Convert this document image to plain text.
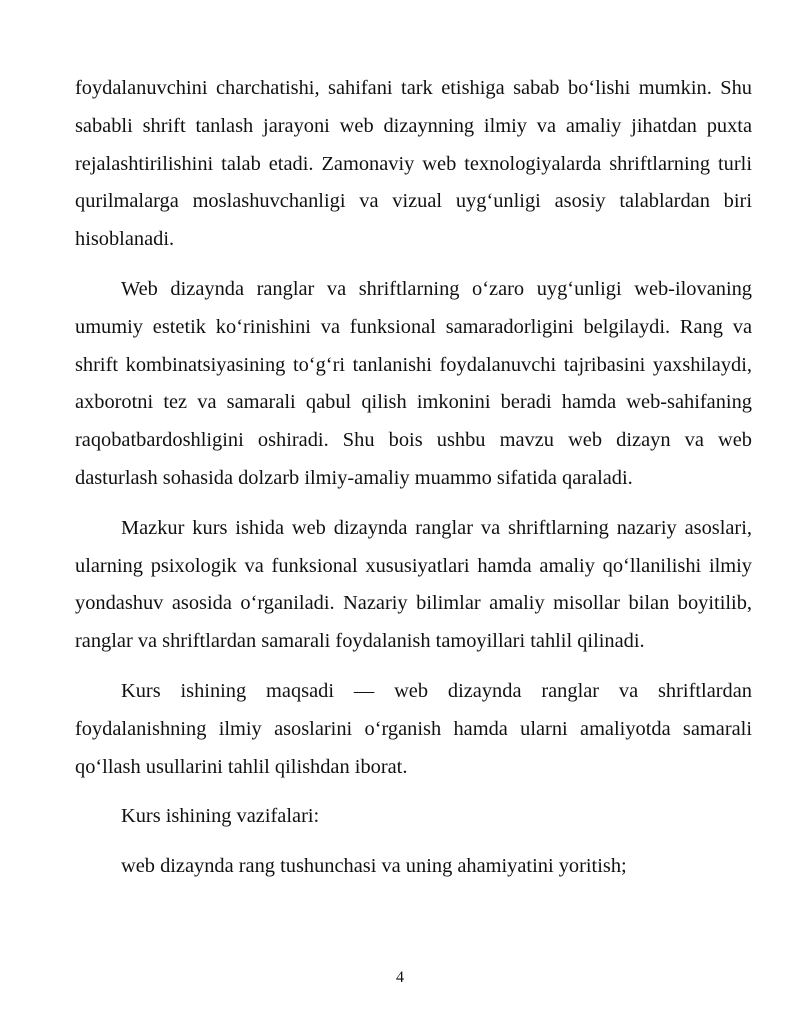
foydalanuvchini charchatishi, sahifani tark etishiga sabab boʻlishi mumkin. Shu sababli shrift tanlash jarayoni web dizaynning ilmiy va amaliy jihatdan puxta rejalashtirilishini talab etadi. Zamonaviy web texnologiyalarda shriftlarning turli qurilmalarga moslashuvchanligi va vizual uygʻunligi asosiy talablardan biri hisoblanadi.

Web dizaynda ranglar va shriftlarning oʻzaro uygʻunligi web-ilovaning umumiy estetik koʻrinishini va funksional samaradorligini belgilaydi. Rang va shrift kombinatsiyasining toʻgʻri tanlanishi foydalanuvchi tajribasini yaxshilaydi, axborotni tez va samarali qabul qilish imkonini beradi hamda web-sahifaning raqobatbardoshligini oshiradi. Shu bois ushbu mavzu web dizayn va web dasturlash sohasida dolzarb ilmiy-amaliy muammo sifatida qaraladi.

Mazkur kurs ishida web dizaynda ranglar va shriftlarning nazariy asoslari, ularning psixologik va funksional xususiyatlari hamda amaliy qoʻllanilishi ilmiy yondashuv asosida oʻrganiladi. Nazariy bilimlar amaliy misollar bilan boyitilib, ranglar va shriftlardan samarali foydalanish tamoyillari tahlil qilinadi.

Kurs ishining maqsadi — web dizaynda ranglar va shriftlardan foydalanishning ilmiy asoslarini oʻrganish hamda ularni amaliyotda samarali qoʻllash usullarini tahlil qilishdan iborat.

Kurs ishining vazifalari:

web dizaynda rang tushunchasi va uning ahamiyatini yoritish;

4
